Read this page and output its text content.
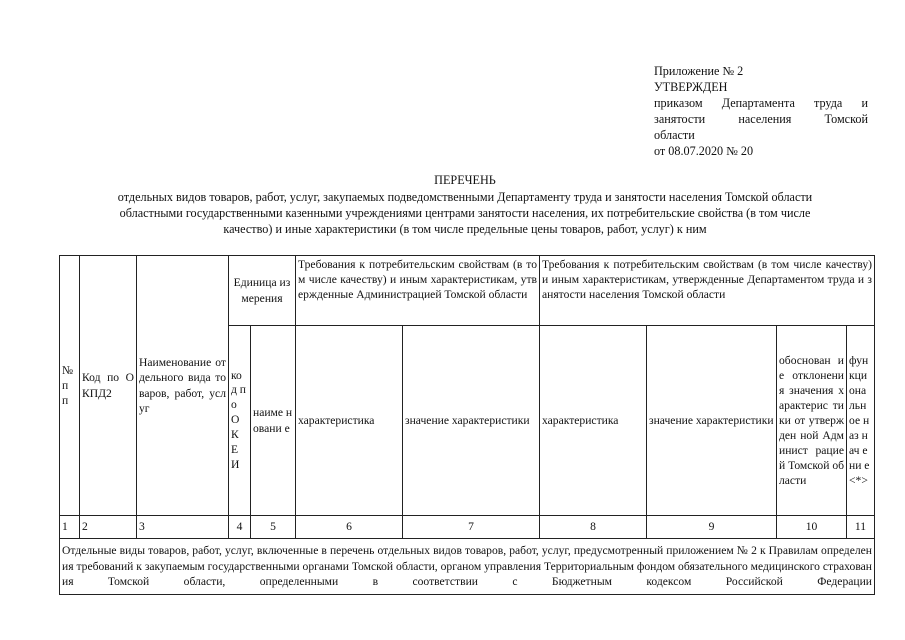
Приложение № 2
УТВЕРЖДЕН
приказом Департамента труда и
занятости населения Томской
области
от 08.07.2020 № 20
ПЕРЕЧЕНЬ
отдельных видов товаров, работ, услуг, закупаемых подведомственными Департаменту труда и занятости населения Томской области
областными государственными казенными учреждениями центрами занятости населения, их потребительские свойства (в том числе
качество) и иные характеристики (в том числе предельные цены товаров, работ, услуг) к ним
№ п п	Код по ОКПД2	Наименование отдельного вида товаров, работ, услуг	Единица измерения		Требования к потребительским свойствам (в том числе качеству) и иным характеристикам, утвержденные Администрацией Томской области		Требования к потребительским свойствам (в том числе качеству) и иным характеристикам, утвержденные Департаментом труда и занятости населения Томской области			
			ко д по О К Е И	наиме новани е	характеристика	значение характеристики	характеристика	значение характеристики	обоснован ие отклонени я значения характерис тики от утвержден ной Админист рацией Томской области	фун кци она льн ое наз нач ени е <*>
1	2	3	4	5	6	7	8	9	10	11
Отдельные виды товаров, работ, услуг, включенные в перечень отдельных видов товаров, работ, услуг, предусмотренный приложением № 2 к Правилам определения требований к закупаемым государственными органами Томской области, органом управления Территориальным фондом обязательного медицинского страхования Томской области, определенными в соответствии с Бюджетным кодексом Российской Федерации										
